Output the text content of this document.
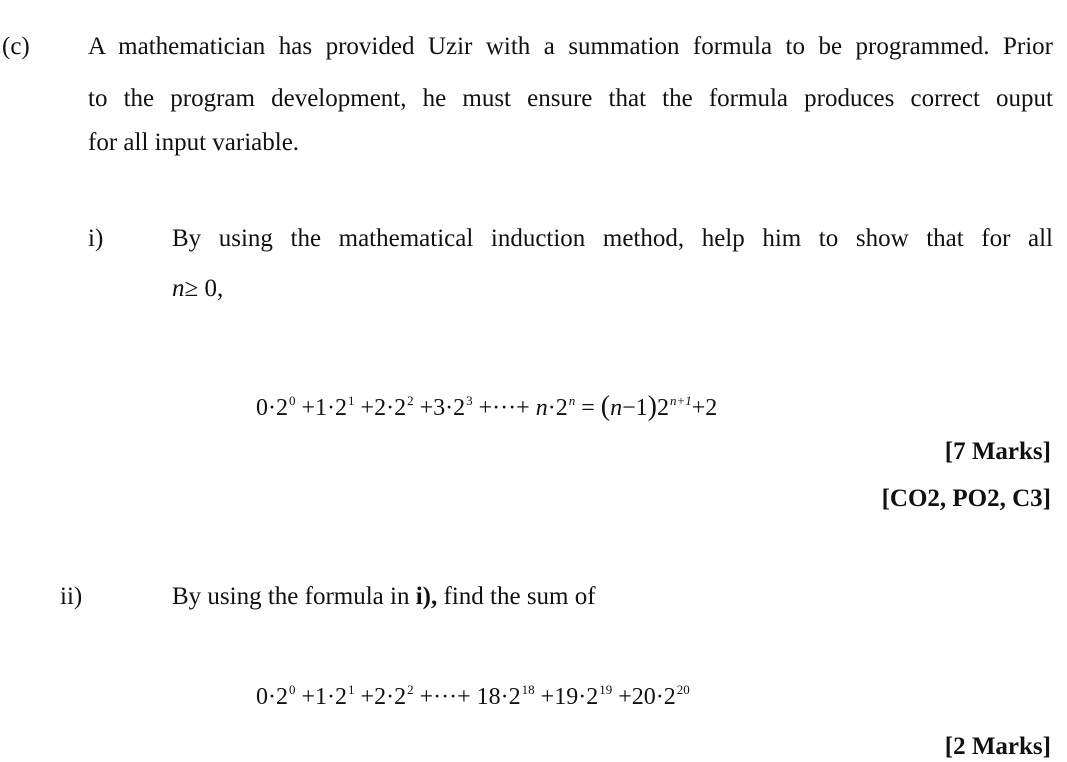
(c) A mathematician has provided Uzir with a summation formula to be programmed. Prior
to the program development, he must ensure that the formula produces correct ouput
for all input variable.
i)	By using the mathematical induction method, help him to show that for all
n≥ 0,
$0\cdot 2^0 +1\cdot 2^1 +2\cdot 2^2 +3\cdot 2^3$ +···+ $n\cdot 2^n = (n-1)2^{n+1}+2$
[7 Marks]
[CO2, PO2, C3]
ii)	By using the formula in i), find the sum of
$0\cdot 2^0 +1\cdot 2^1 +2\cdot 2^2$ +···+ $18\cdot 2^{18} +19\cdot 2^{19} +20\cdot 2^{20}$
[2 Marks]
